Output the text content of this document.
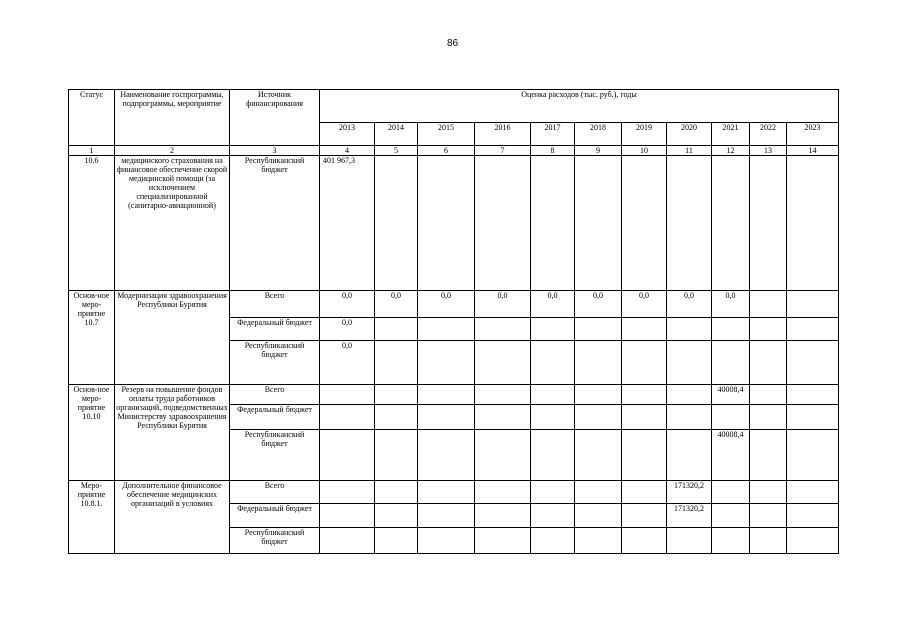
86
Статус	Наименование госпрограммы, подпрограммы, мероприятие	Источник финансирования	Оценка расходов (тыс. руб.), годы										
			2013	2014	2015	2016	2017	2018	2019	2020	2021	2022	2023
1	2	3	4	5	6	7	8	9	10	11	12	13	14
10.6	медицинского страхования на финансовое обеспечение скорой медицинской помощи (за исключением специализированной (санитарно-авиационной)	Республиканский бюджет	401 967,3										
Основ-ное меро-приятие 10.7	Модернизация здравоохранения Республики Бурятия	Всего	0,0	0,0	0,0	0,0	0,0	0,0	0,0	0,0	0,0		
		Федеральный бюджет	0,0										
		Республиканский бюджет	0,0										
Основ-ное меро-приятие 10.10	Резерв на повышение фондов оплаты труда работников организаций, подведомственных Министерству здравоохранения Республики Бурятия	Всего									40008,4		
		Федеральный бюджет											
		Республиканский бюджет									40008,4		
Меро-приятие 10.8.1.	Дополнительное финансовое обеспечение медицинских организаций в условиях	Всего								171320,2			
		Федеральный бюджет								171320,2			
		Республиканский бюджет											
